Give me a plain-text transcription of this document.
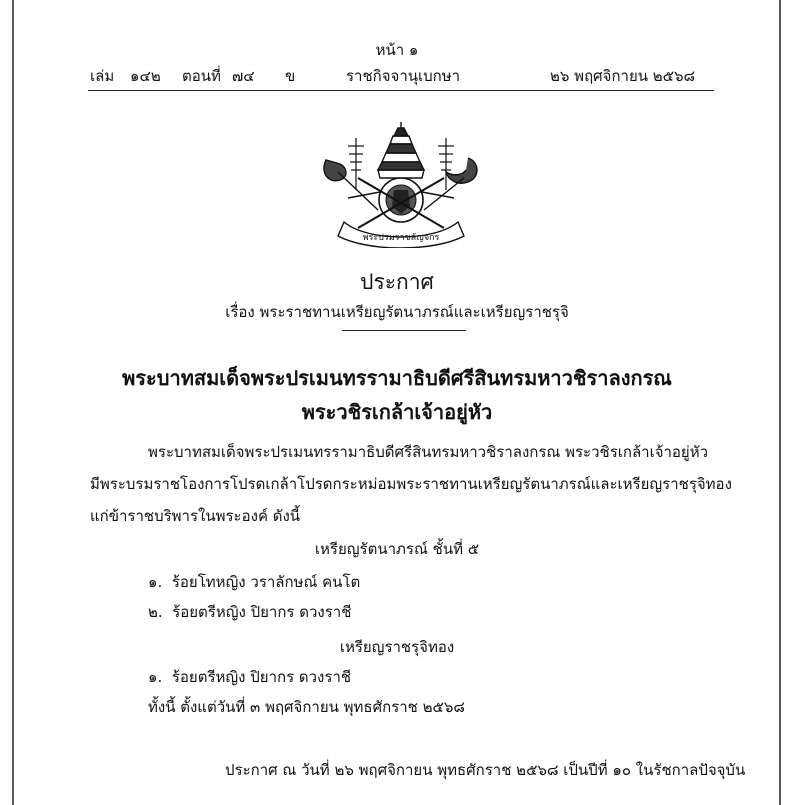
หน้า ๑
เล่ม ๑๔๒ ตอนที่ ๗๔ ข	ราชกิจจานุเบกษา	๒๖ พฤศจิกายน ๒๕๖๘
พระปรมราชลัญจกร
ประกาศ
เรื่อง พระราชทานเหรียญรัตนาภรณ์และเหรียญราชรุจิ
พระบาทสมเด็จพระปรเมนทรรามาธิบดีศรีสินทรมหาวชิราลงกรณ
พระวชิรเกล้าเจ้าอยู่หัว
พระบาทสมเด็จพระปรเมนทรรามาธิบดีศรีสินทรมหาวชิราลงกรณ พระวชิรเกล้าเจ้าอยู่หัว
มีพระบรมราชโองการโปรดเกล้าโปรดกระหม่อมพระราชทานเหรียญรัตนาภรณ์และเหรียญราชรุจิทอง
แก่ข้าราชบริพารในพระองค์ ดังนี้
เหรียญรัตนาภรณ์ ชั้นที่ ๕
๑. ร้อยโทหญิง วราลักษณ์ คนโต
๒. ร้อยตรีหญิง ปิยากร ดวงราชี
เหรียญราชรุจิทอง
๑. ร้อยตรีหญิง ปิยากร ดวงราชี
ทั้งนี้ ตั้งแต่วันที่ ๓ พฤศจิกายน พุทธศักราช ๒๕๖๘
ประกาศ ณ วันที่ ๒๖ พฤศจิกายน พุทธศักราช ๒๕๖๘ เป็นปีที่ ๑๐ ในรัชกาลปัจจุบัน
